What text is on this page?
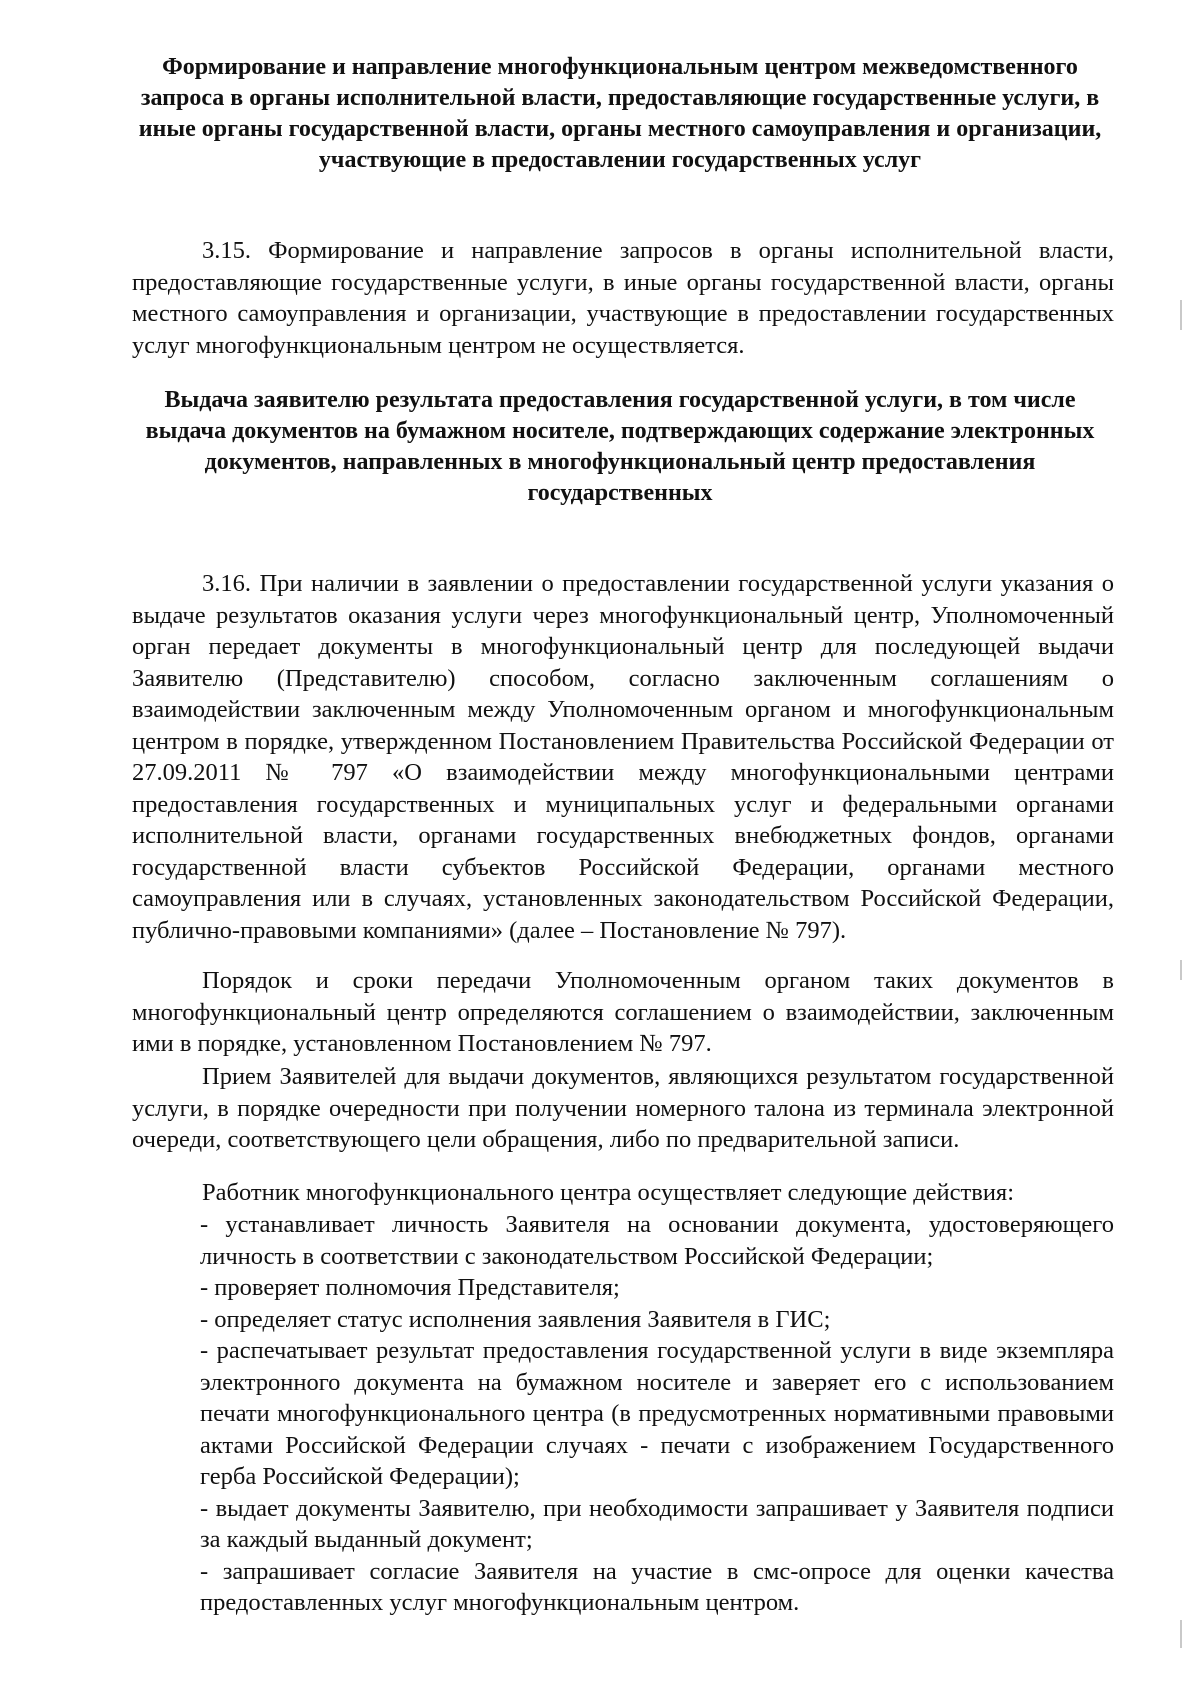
Формирование и направление многофункциональным центром межведомственного запроса в органы исполнительной власти, предоставляющие государственные услуги, в иные органы государственной власти, органы местного самоуправления и организации, участвующие в предоставлении государственных услуг

3.15. Формирование и направление запросов в органы исполнительной власти, предоставляющие государственные услуги, в иные органы государственной власти, органы местного самоуправления и организации, участвующие в предоставлении государственных услуг многофункциональным центром не осуществляется.

Выдача заявителю результата предоставления государственной услуги, в том числе выдача документов на бумажном носителе, подтверждающих содержание электронных документов, направленных в многофункциональный центр предоставления государственных

3.16. При наличии в заявлении о предоставлении государственной услуги указания о выдаче результатов оказания услуги через многофункциональный центр, Уполномоченный орган передает документы в многофункциональный центр для последующей выдачи Заявителю (Представителю) способом, согласно заключенным соглашениям о взаимодействии заключенным между Уполномоченным органом и многофункциональным центром в порядке, утвержденном Постановлением Правительства Российской Федерации от 27.09.2011 № 797 «О взаимодействии между многофункциональными центрами предоставления государственных и муниципальных услуг и федеральными органами исполнительной власти, органами государственных внебюджетных фондов, органами государственной власти субъектов Российской Федерации, органами местного самоуправления или в случаях, установленных законодательством Российской Федерации, публично-правовыми компаниями» (далее – Постановление № 797).

Порядок и сроки передачи Уполномоченным органом таких документов в многофункциональный центр определяются соглашением о взаимодействии, заключенным ими в порядке, установленном Постановлением № 797.

Прием Заявителей для выдачи документов, являющихся результатом государственной услуги, в порядке очередности при получении номерного талона из терминала электронной очереди, соответствующего цели обращения, либо по предварительной записи.

Работник многофункционального центра осуществляет следующие действия:

- устанавливает личность Заявителя на основании документа, удостоверяющего личность в соответствии с законодательством Российской Федерации;
- проверяет полномочия Представителя;
- определяет статус исполнения заявления Заявителя в ГИС;
- распечатывает результат предоставления государственной услуги в виде экземпляра электронного документа на бумажном носителе и заверяет его с использованием печати многофункционального центра (в предусмотренных нормативными правовыми актами Российской Федерации случаях - печати с изображением Государственного герба Российской Федерации);
- выдает документы Заявителю, при необходимости запрашивает у Заявителя подписи за каждый выданный документ;
- запрашивает согласие Заявителя на участие в смс-опросе для оценки качества предоставленных услуг многофункциональным центром.
